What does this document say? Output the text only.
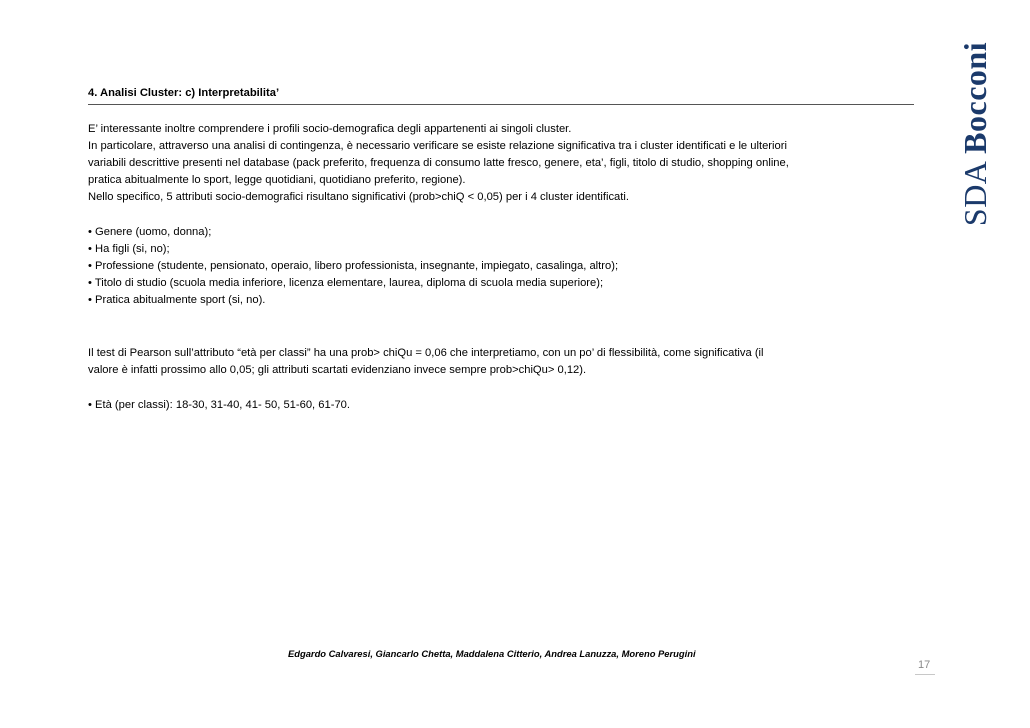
SDA Bocconi
4. Analisi Cluster: c) Interpretabilita’
E’ interessante inoltre comprendere i profili socio-demografica degli appartenenti ai singoli cluster.
In particolare, attraverso una analisi di contingenza, è necessario verificare se esiste relazione significativa tra i cluster identificati e le ulteriori
variabili descrittive presenti nel database (pack preferito, frequenza di consumo latte fresco, genere, eta’, figli, titolo di studio, shopping online,
pratica abitualmente lo sport, legge quotidiani, quotidiano preferito, regione).
Nello specifico, 5 attributi socio-demografici risultano significativi (prob>chiQ < 0,05) per i 4 cluster identificati.
• Genere (uomo, donna);
• Ha figli (si, no);
• Professione (studente, pensionato, operaio, libero professionista, insegnante, impiegato, casalinga, altro);
• Titolo di studio (scuola media inferiore, licenza elementare, laurea, diploma di scuola media superiore);
• Pratica abitualmente sport (si, no).
Il test di Pearson sull’attributo “età per classi” ha una prob> chiQu = 0,06 che interpretiamo, con un po’ di flessibilità, come significativa (il
valore è infatti prossimo allo 0,05; gli attributi scartati evidenziano invece sempre prob>chiQu> 0,12).
• Età (per classi): 18-30, 31-40, 41- 50, 51-60, 61-70.
Edgardo Calvaresi, Giancarlo Chetta, Maddalena Citterio, Andrea Lanuzza, Moreno Perugini
17
